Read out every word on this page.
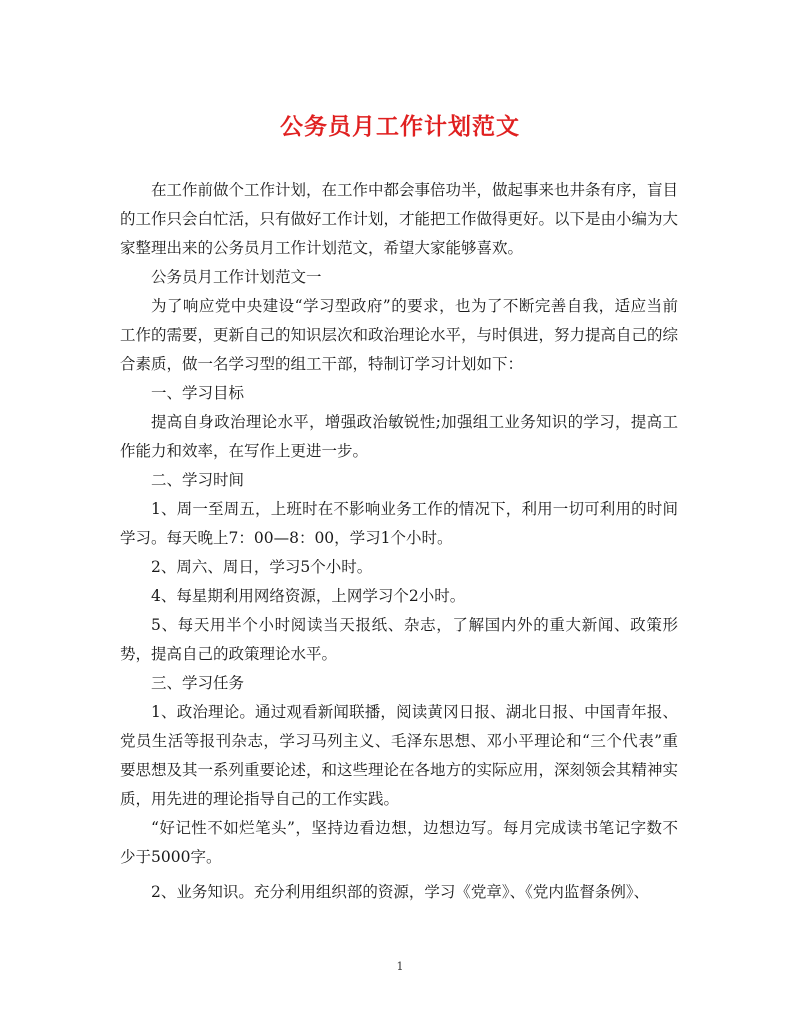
公务员月工作计划范文

在工作前做个工作计划，在工作中都会事倍功半，做起事来也井条有序，盲目的工作只会白忙活，只有做好工作计划，才能把工作做得更好。以下是由小编为大家整理出来的公务员月工作计划范文，希望大家能够喜欢。

公务员月工作计划范文一

为了响应党中央建设“学习型政府”的要求，也为了不断完善自我，适应当前工作的需要，更新自己的知识层次和政治理论水平，与时俱进，努力提高自己的综合素质，做一名学习型的组工干部，特制订学习计划如下：

一、学习目标

提高自身政治理论水平，增强政治敏锐性;加强组工业务知识的学习，提高工作能力和效率，在写作上更进一步。

二、学习时间

1、周一至周五，上班时在不影响业务工作的情况下，利用一切可利用的时间学习。每天晚上7：00—8：00，学习1个小时。

2、周六、周日，学习5个小时。

4、每星期利用网络资源，上网学习个2小时。

5、每天用半个小时阅读当天报纸、杂志，了解国内外的重大新闻、政策形势，提高自己的政策理论水平。

三、学习任务

1、政治理论。通过观看新闻联播，阅读黄冈日报、湖北日报、中国青年报、党员生活等报刊杂志，学习马列主义、毛泽东思想、邓小平理论和“三个代表”重要思想及其一系列重要论述，和这些理论在各地方的实际应用，深刻领会其精神实质，用先进的理论指导自己的工作实践。

“好记性不如烂笔头”，坚持边看边想，边想边写。每月完成读书笔记字数不少于5000字。

2、业务知识。充分利用组织部的资源，学习《党章》、《党内监督条例》、

1
